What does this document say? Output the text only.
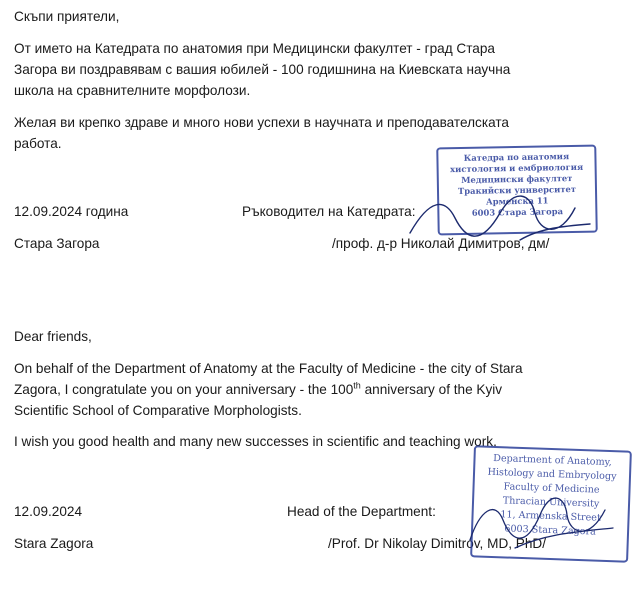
Скъпи приятели,
От името на Катедрата по анатомия при Медицински факултет - град Стара
Загора ви поздравявам с вашия юбилей - 100 годишнина на Киевската научна
школа на сравнителните морфолози.
Желая ви крепко здраве и много нови успехи в научната и преподавателската
работа.
12.09.2024 година	Ръководител на Катедрата:
Стара Загора	/проф. д-р Николай Димитров, дм/
Катедра по анатомия
хистология и ембриология
Медицински факултет
Тракийски университет
Арменска 11
6003 Стара Загора
Dear friends,
On behalf of the Department of Anatomy at the Faculty of Medicine - the city of Stara
Zagora, I congratulate you on your anniversary - the 100th anniversary of the Kyiv
Scientific School of Comparative Morphologists.
I wish you good health and many new successes in scientific and teaching work.
12.09.2024	Head of the Department:
Stara Zagora	/Prof. Dr Nikolay Dimitrov, MD, PhD/
Department of Anatomy,
Histology and Embryology
Faculty of Medicine
Thracian University
11, Armenska Street
6003 Stara Zagora
